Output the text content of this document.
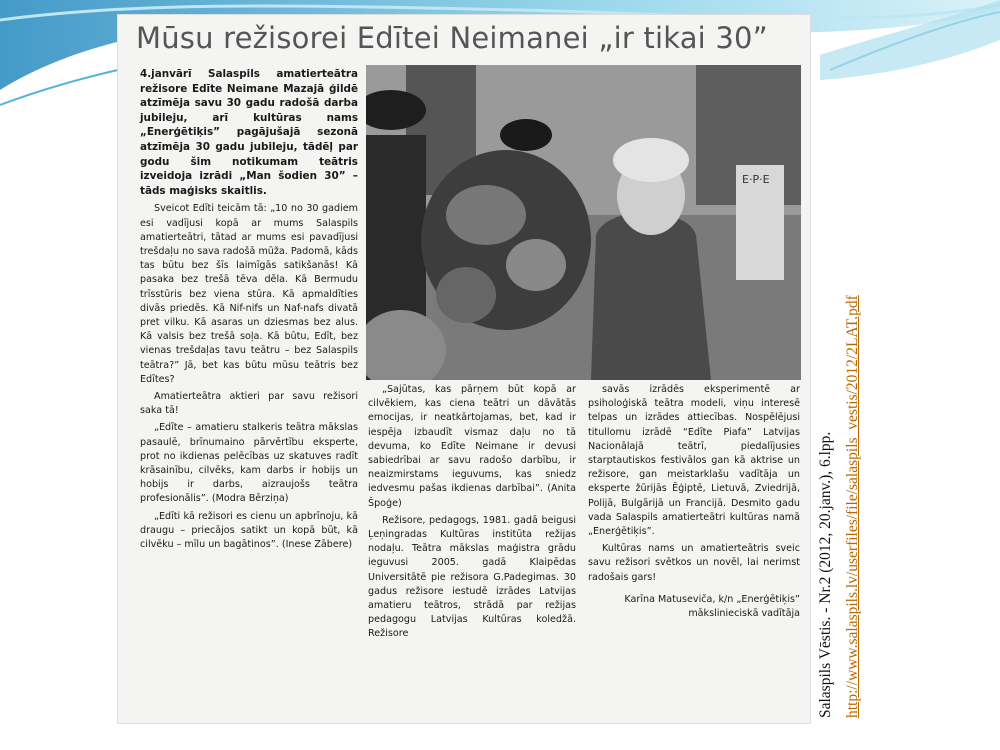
Mūsu režisorei Edītei Neimanei „ir tikai 30”

4.janvārī Salaspils amatierteātra režisore Edīte Neimane Mazajā ģildē atzīmēja savu 30 gadu radošā darba jubileju, arī kultūras nams „Enerģētiķis” pagājušajā sezonā atzīmēja 30 gadu jubileju, tādēļ par godu šim notikumam teātris izveidoja izrādi „Man šodien 30” – tāds maģisks skaitlis.

Sveicot Edīti teicām tā: „10 no 30 gadiem esi vadījusi kopā ar mums Salaspils amatierteātri, tātad ar mums esi pavadījusi trešdaļu no sava radošā mūža. Padomā, kāds tas būtu bez šīs laimīgās satikšanās! Kā pasaka bez trešā tēva dēla. Kā Bermudu trīsstūris bez viena stūra. Kā apmaldīties divās priedēs. Kā Nif-nifs un Naf-nafs divatā pret vilku. Kā asaras un dziesmas bez alus. Kā valsis bez trešā soļa. Kā būtu, Edīt, bez vienas trešdaļas tavu teātru – bez Salaspils teātra?” Jā, bet kas būtu mūsu teātris bez Edītes?

Amatierteātra aktieri par savu režisori saka tā!

„Edīte – amatieru stalkeris teātra mākslas pasaulē, brīnumaino pārvērtību eksperte, prot no ikdienas pelēcības uz skatuves radīt krāsainību, cilvēks, kam darbs ir hobijs un hobijs ir darbs, aizraujošs teātra profesionālis”. (Modra Bērziņa)

„Edīti kā režisori es cienu un apbrīnoju, kā draugu – priecājos satikt un kopā būt, kā cilvēku – mīlu un bagātinos”. (Inese Zābere)

E·P·E

„Sajūtas, kas pārņem būt kopā ar cilvēkiem, kas ciena teātri un dāvātās emocijas, ir neatkārtojamas, bet, kad ir iespēja izbaudīt vismaz daļu no tā devuma, ko Edīte Neimane ir devusi sabiedrībai ar savu radošo darbību, ir neaizmirstams ieguvums, kas sniedz iedvesmu pašas ikdienas darbībai”. (Anita Špoģe)

Režisore, pedagogs, 1981. gadā beigusi Ļeņingradas Kultūras institūta režijas nodaļu. Teātra mākslas maģistra grādu ieguvusi 2005. gadā Klaipēdas Universitātē pie režisora G.Padegimas. 30 gadus režisore iestudē izrādes Latvijas amatieru teātros, strādā par režijas pedagogu Latvijas Kultūras koledžā. Režisore

savās izrādēs eksperimentē ar psiholoģiskā teātra modeli, viņu interesē telpas un izrādes attiecības. Nospēlējusi titullomu izrādē “Edīte Piafa” Latvijas Nacionālajā teātrī, piedalījusies starptautiskos festivālos gan kā aktrise un režisore, gan meistarklašu vadītāja un eksperte žūrijās Ēģiptē, Lietuvā, Zviedrijā, Polijā, Bulgārijā un Francijā. Desmito gadu vada Salaspils amatierteātri kultūras namā „Enerģētiķis”.

Kultūras nams un amatierteātris sveic savu režisori svētkos un novēl, lai nerimst radošais gars!

Karīna Matuseviča, k/n „Enerģētiķis” mākslinieciskā vadītāja	Salaspils Vēstis. - Nr.2 (2012, 20.janv.), 6.lpp. http://www.salaspils.lv/userfiles/file/salaspils_vestis/2012/2LAT.pdf
